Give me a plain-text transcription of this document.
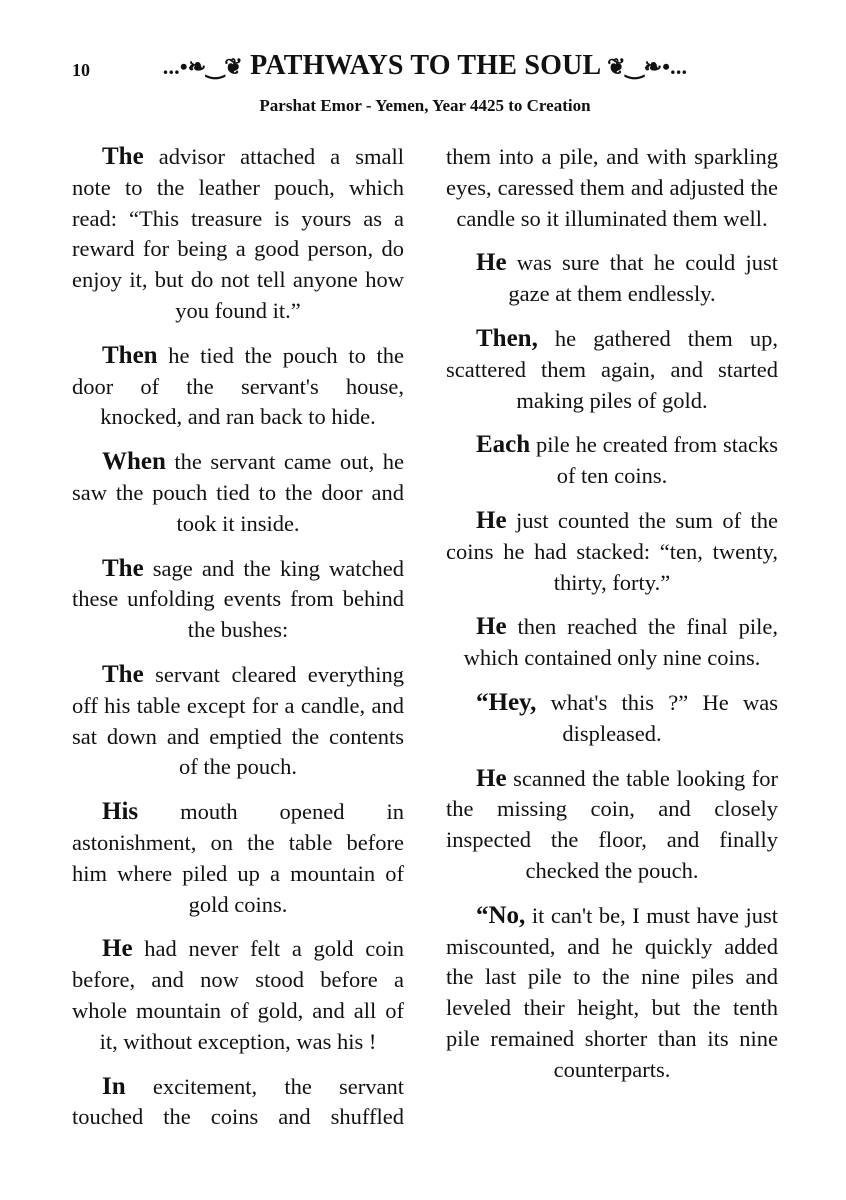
10	...•❧‿❦ PATHWAYS TO THE SOUL ❦‿❧•...
Parshat Emor - Yemen, Year 4425 to Creation

The advisor attached a small note to the leather pouch, which read: “This treasure is yours as a reward for being a good person, do enjoy it, but do not tell anyone how you found it.”

Then he tied the pouch to the door of the servant's house, knocked, and ran back to hide.

When the servant came out, he saw the pouch tied to the door and took it inside.

The sage and the king watched these unfolding events from behind the bushes:

The servant cleared everything off his table except for a candle, and sat down and emptied the contents of the pouch.

His mouth opened in astonishment, on the table before him where piled up a mountain of gold coins.

He had never felt a gold coin before, and now stood before a whole mountain of gold, and all of it, without exception, was his !

In excitement, the servant touched the coins and shuffled

them into a pile, and with sparkling eyes, caressed them and adjusted the candle so it illuminated them well.

He was sure that he could just gaze at them endlessly.

Then, he gathered them up, scattered them again, and started making piles of gold.

Each pile he created from stacks of ten coins.

He just counted the sum of the coins he had stacked: “ten, twenty, thirty, forty.”

He then reached the final pile, which contained only nine coins.

“Hey, what's this ?” He was displeased.

He scanned the table looking for the missing coin, and closely inspected the floor, and finally checked the pouch.

“No, it can't be, I must have just miscounted, and he quickly added the last pile to the nine piles and leveled their height, but the tenth pile remained shorter than its nine counterparts.
